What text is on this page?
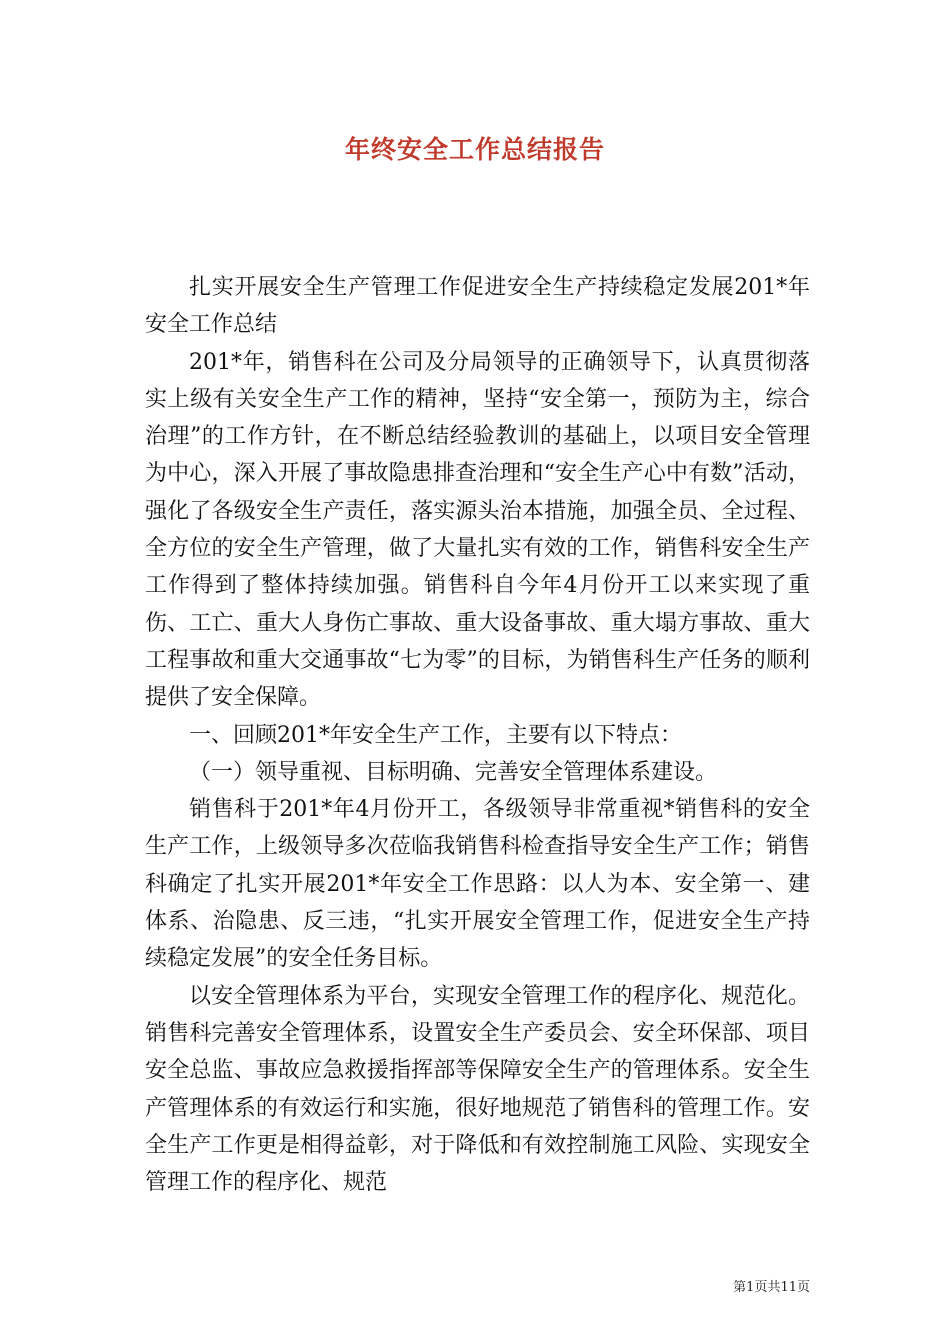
年终安全工作总结报告

扎实开展安全生产管理工作促进安全生产持续稳定发展201*年安全工作总结

201*年，销售科在公司及分局领导的正确领导下，认真贯彻落实上级有关安全生产工作的精神，坚持“安全第一，预防为主，综合治理”的工作方针，在不断总结经验教训的基础上，以项目安全管理为中心，深入开展了事故隐患排查治理和“安全生产心中有数”活动，强化了各级安全生产责任，落实源头治本措施，加强全员、全过程、全方位的安全生产管理，做了大量扎实有效的工作，销售科安全生产工作得到了整体持续加强。销售科自今年4月份开工以来实现了重伤、工亡、重大人身伤亡事故、重大设备事故、重大塌方事故、重大工程事故和重大交通事故“七为零”的目标，为销售科生产任务的顺利提供了安全保障。

一、回顾201*年安全生产工作，主要有以下特点：

（一）领导重视、目标明确、完善安全管理体系建设。

销售科于201*年4月份开工，各级领导非常重视*销售科的安全生产工作，上级领导多次莅临我销售科检查指导安全生产工作；销售科确定了扎实开展201*年安全工作思路：以人为本、安全第一、建体系、治隐患、反三违，“扎实开展安全管理工作，促进安全生产持续稳定发展”的安全任务目标。

以安全管理体系为平台，实现安全管理工作的程序化、规范化。销售科完善安全管理体系，设置安全生产委员会、安全环保部、项目安全总监、事故应急救援指挥部等保障安全生产的管理体系。安全生产管理体系的有效运行和实施，很好地规范了销售科的管理工作。安全生产工作更是相得益彰，对于降低和有效控制施工风险、实现安全管理工作的程序化、规范

第1页共11页
